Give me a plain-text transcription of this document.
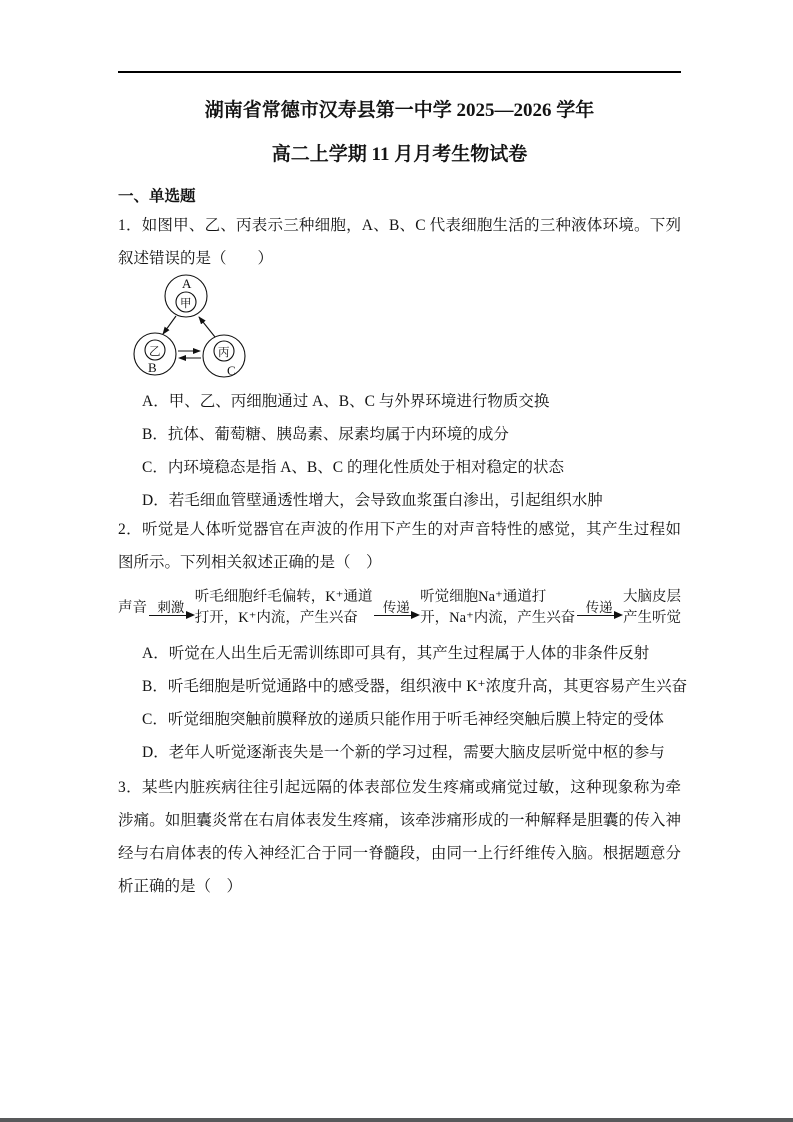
湖南省常德市汉寿县第一中学 2025—2026 学年
高二上学期 11 月月考生物试卷
一、单选题

1．如图甲、乙、丙表示三种细胞，A、B、C 代表细胞生活的三种液体环境。下列叙述错误的是（　　）

A
甲
乙
B
丙
C
A．甲、乙、丙细胞通过 A、B、C 与外界环境进行物质交换
B．抗体、葡萄糖、胰岛素、尿素均属于内环境的成分
C．内环境稳态是指 A、B、C 的理化性质处于相对稳定的状态
D．若毛细血管壁通透性增大，会导致血浆蛋白渗出，引起组织水肿

2．听觉是人体听觉器官在声波的作用下产生的对声音特性的感觉，其产生过程如图所示。下列相关叙述正确的是（　）

声音 刺激
听毛细胞纤毛偏转，K⁺通道
打开，K⁺内流，产生兴奋
传递
听觉细胞Na⁺通道打
开，Na⁺内流，产生兴奋
传递
大脑皮层
产生听觉
A．听觉在人出生后无需训练即可具有，其产生过程属于人体的非条件反射
B．听毛细胞是听觉通路中的感受器，组织液中 K⁺浓度升高，其更容易产生兴奋
C．听觉细胞突触前膜释放的递质只能作用于听毛神经突触后膜上特定的受体
D．老年人听觉逐渐丧失是一个新的学习过程，需要大脑皮层听觉中枢的参与

3．某些内脏疾病往往引起远隔的体表部位发生疼痛或痛觉过敏，这种现象称为牵涉痛。如胆囊炎常在右肩体表发生疼痛，该牵涉痛形成的一种解释是胆囊的传入神经与右肩体表的传入神经汇合于同一脊髓段，由同一上行纤维传入脑。根据题意分析正确的是（　）
